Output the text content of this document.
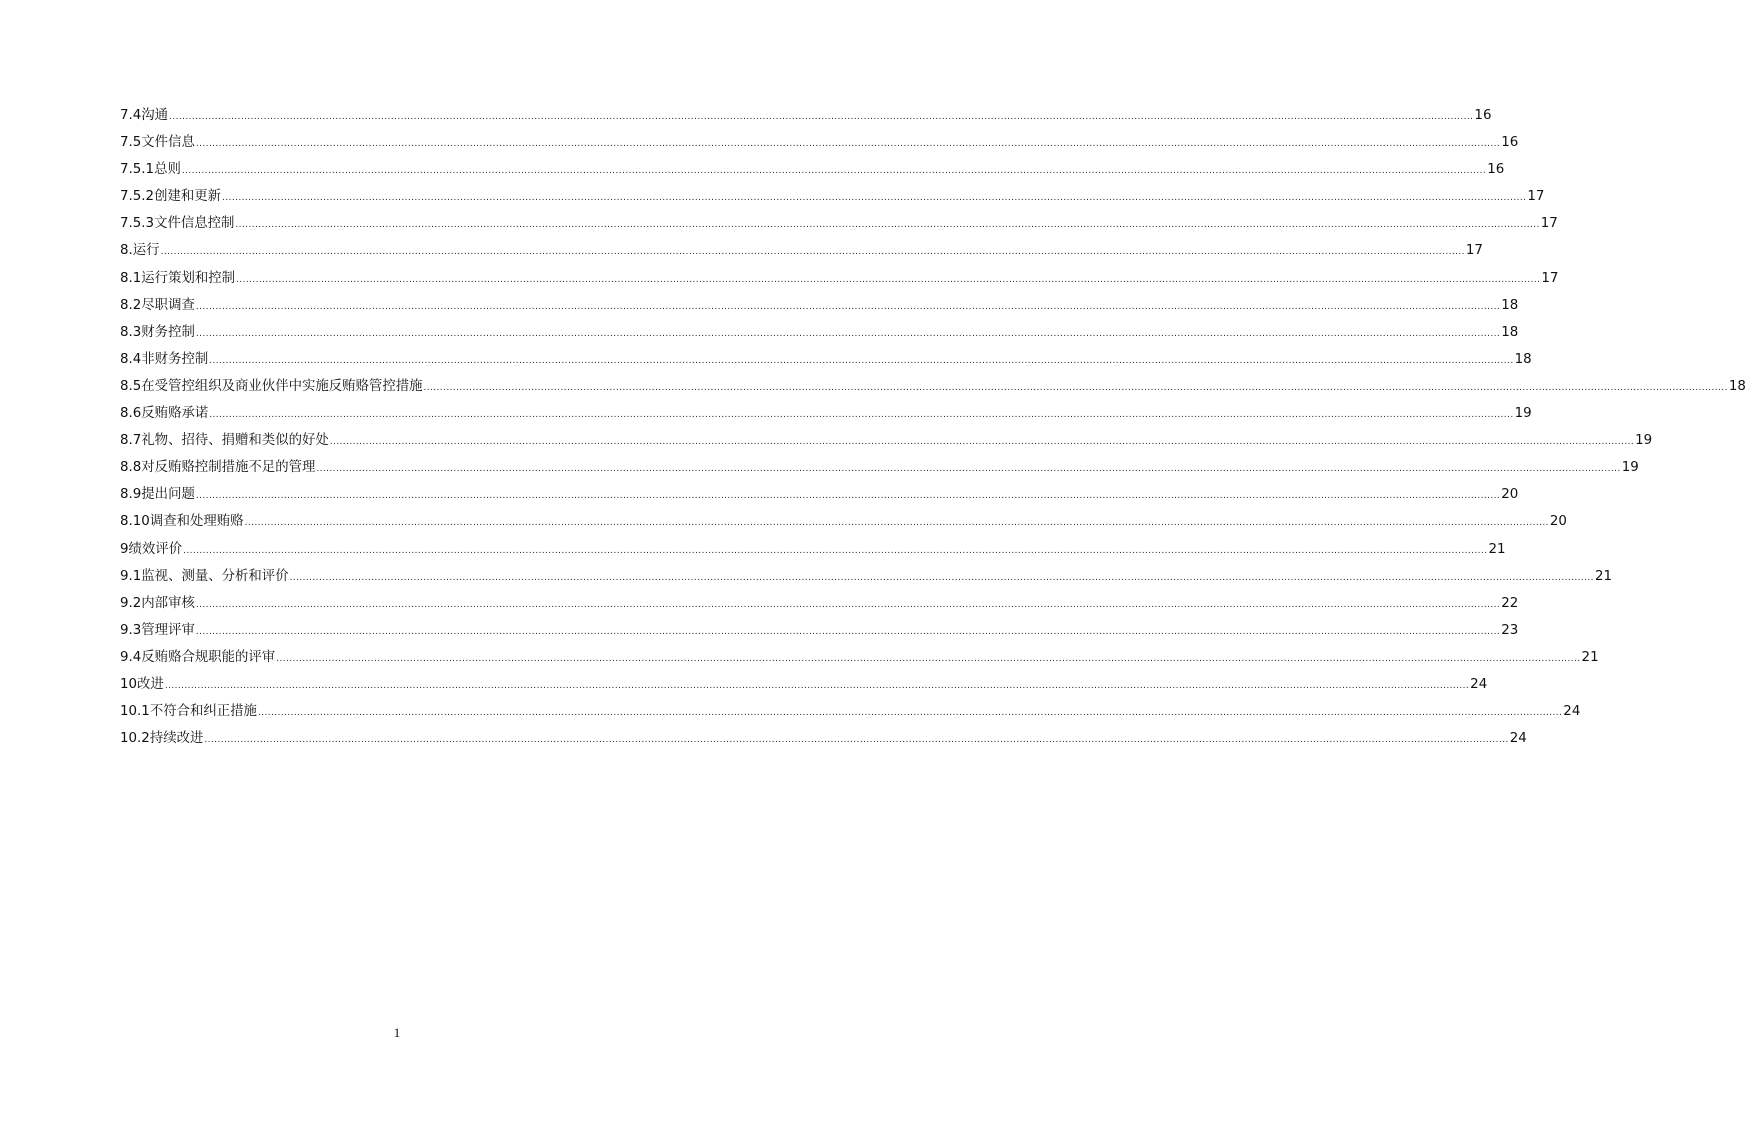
7.4 沟通 ................................................................................................................................................................................................................................................................................................................................................................................................................ 16
7.5 文件信息 ................................................................................................................................................................................................................................................................................................................................................................................................................ 16
7.5.1 总则 ................................................................................................................................................................................................................................................................................................................................................................................................................ 16
7.5.2 创建和更新 ................................................................................................................................................................................................................................................................................................................................................................................................................ 17
7.5.3 文件信息控制 ................................................................................................................................................................................................................................................................................................................................................................................................................ 17
8. 运行 ................................................................................................................................................................................................................................................................................................................................................................................................................ 17
8.1 运行策划和控制 ................................................................................................................................................................................................................................................................................................................................................................................................................ 17
8.2 尽职调查 ................................................................................................................................................................................................................................................................................................................................................................................................................ 18
8.3 财务控制 ................................................................................................................................................................................................................................................................................................................................................................................................................ 18
8.4 非财务控制 ................................................................................................................................................................................................................................................................................................................................................................................................................ 18
8.5 在受管控组织及商业伙伴中实施反贿赂管控措施 ................................................................................................................................................................................................................................................................................................................................................................................................................ 18
8.6 反贿赂承诺 ................................................................................................................................................................................................................................................................................................................................................................................................................ 19
8.7 礼物、招待、捐赠和类似的好处 ................................................................................................................................................................................................................................................................................................................................................................................................................ 19
8.8 对反贿赂控制措施不足的管理 ................................................................................................................................................................................................................................................................................................................................................................................................................ 19
8.9 提出问题 ................................................................................................................................................................................................................................................................................................................................................................................................................ 20
8.10 调查和处理贿赂 ................................................................................................................................................................................................................................................................................................................................................................................................................ 20
9 绩效评价 ................................................................................................................................................................................................................................................................................................................................................................................................................ 21
9.1 监视、测量、分析和评价 ................................................................................................................................................................................................................................................................................................................................................................................................................ 21
9.2 内部审核 ................................................................................................................................................................................................................................................................................................................................................................................................................ 22
9.3 管理评审 ................................................................................................................................................................................................................................................................................................................................................................................................................ 23
9.4 反贿赂合规职能的评审 ................................................................................................................................................................................................................................................................................................................................................................................................................ 21
10 改进 ................................................................................................................................................................................................................................................................................................................................................................................................................ 24
10.1 不符合和纠正措施 ................................................................................................................................................................................................................................................................................................................................................................................................................ 24
10.2 持续改进 ................................................................................................................................................................................................................................................................................................................................................................................................................ 24
1
